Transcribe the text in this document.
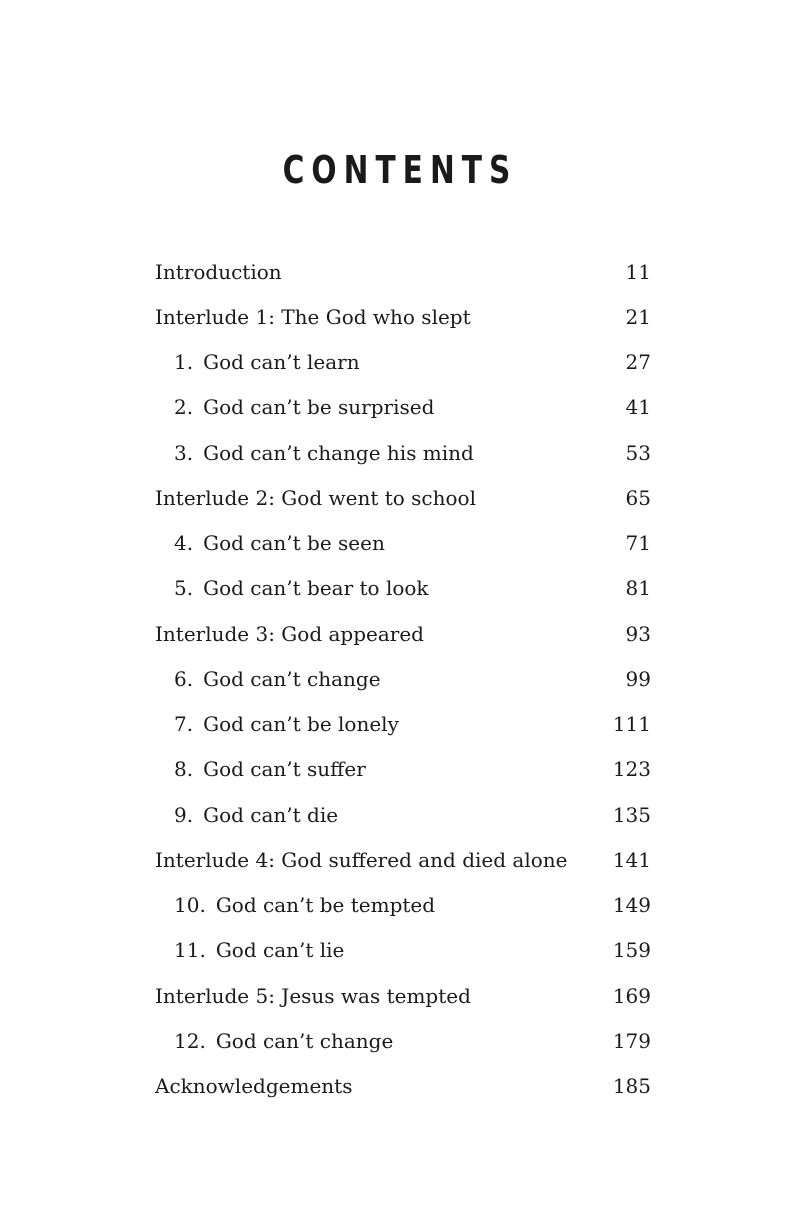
CONTENTS
Introduction	11
Interlude 1: The God who slept	21
1. God can’t learn	27
2. God can’t be surprised	41
3. God can’t change his mind	53
Interlude 2: God went to school	65
4. God can’t be seen	71
5. God can’t bear to look	81
Interlude 3: God appeared	93
6. God can’t change	99
7. God can’t be lonely	111
8. God can’t suffer	123
9. God can’t die	135
Interlude 4: God suffered and died alone 141
10. God can’t be tempted	149
11. God can’t lie	159
Interlude 5: Jesus was tempted	169
12. God can’t change	179
Acknowledgements	185
